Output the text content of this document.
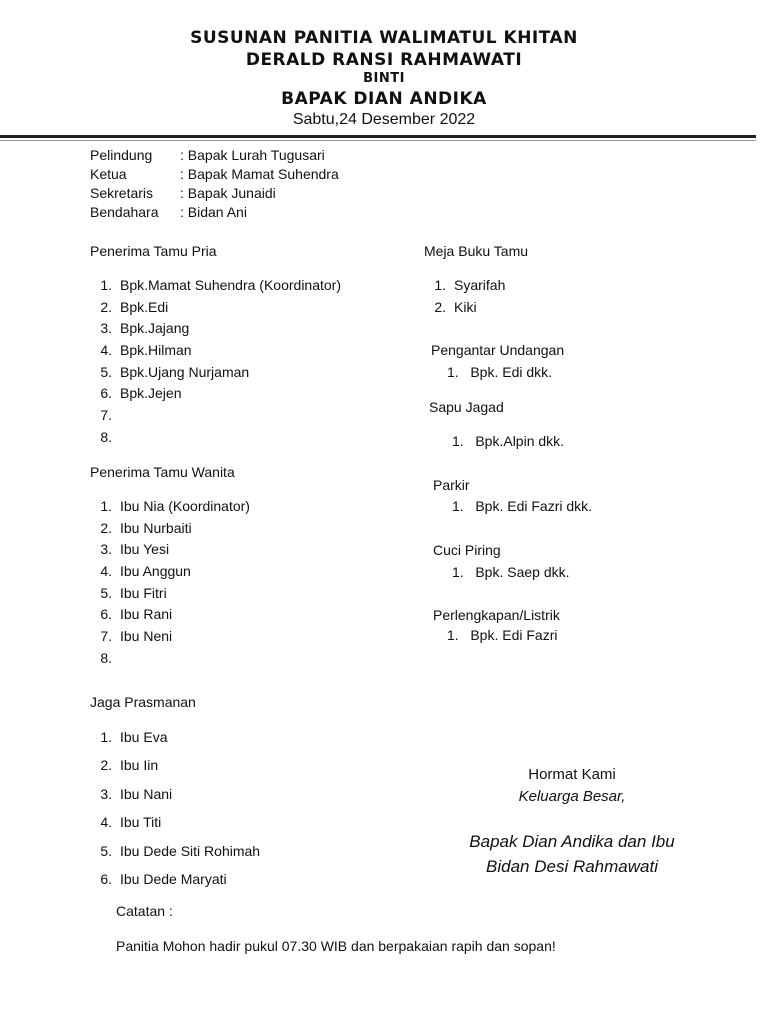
SUSUNAN PANITIA WALIMATUL KHITAN
DERALD RANSI RAHMAWATI
BINTI
BAPAK DIAN ANDIKA
Sabtu,24 Desember 2022
Pelindung	: Bapak Lurah Tugusari
Ketua	: Bapak Mamat Suhendra
Sekretaris	: Bapak Junaidi
Bendahara	: Bidan Ani
Penerima Tamu Pria
1. Bpk.Mamat Suhendra (Koordinator)
2. Bpk.Edi
3. Bpk.Jajang
4. Bpk.Hilman
5. Bpk.Ujang Nurjaman
6. Bpk.Jejen
7.
8.
Penerima Tamu Wanita
1. Ibu Nia (Koordinator)
2. Ibu Nurbaiti
3. Ibu Yesi
4. Ibu Anggun
5. Ibu Fitri
6. Ibu Rani
7. Ibu Neni
8.
Jaga Prasmanan
1. Ibu Eva
2. Ibu Iin
3. Ibu Nani
4. Ibu Titi
5. Ibu Dede Siti Rohimah
6. Ibu Dede Maryati
Catatan :
Panitia Mohon hadir pukul 07.30 WIB dan berpakaian rapih dan sopan!
Meja Buku Tamu
1. Syarifah
2. Kiki
Pengantar Undangan
1.   Bpk. Edi dkk.
Sapu Jagad
1.   Bpk.Alpin dkk.
Parkir
1.   Bpk. Edi Fazri dkk.
Cuci Piring
1.   Bpk. Saep dkk.
Perlengkapan/Listrik
1.   Bpk. Edi Fazri
Hormat Kami
Keluarga Besar,
Bapak Dian Andika dan Ibu
Bidan Desi Rahmawati
